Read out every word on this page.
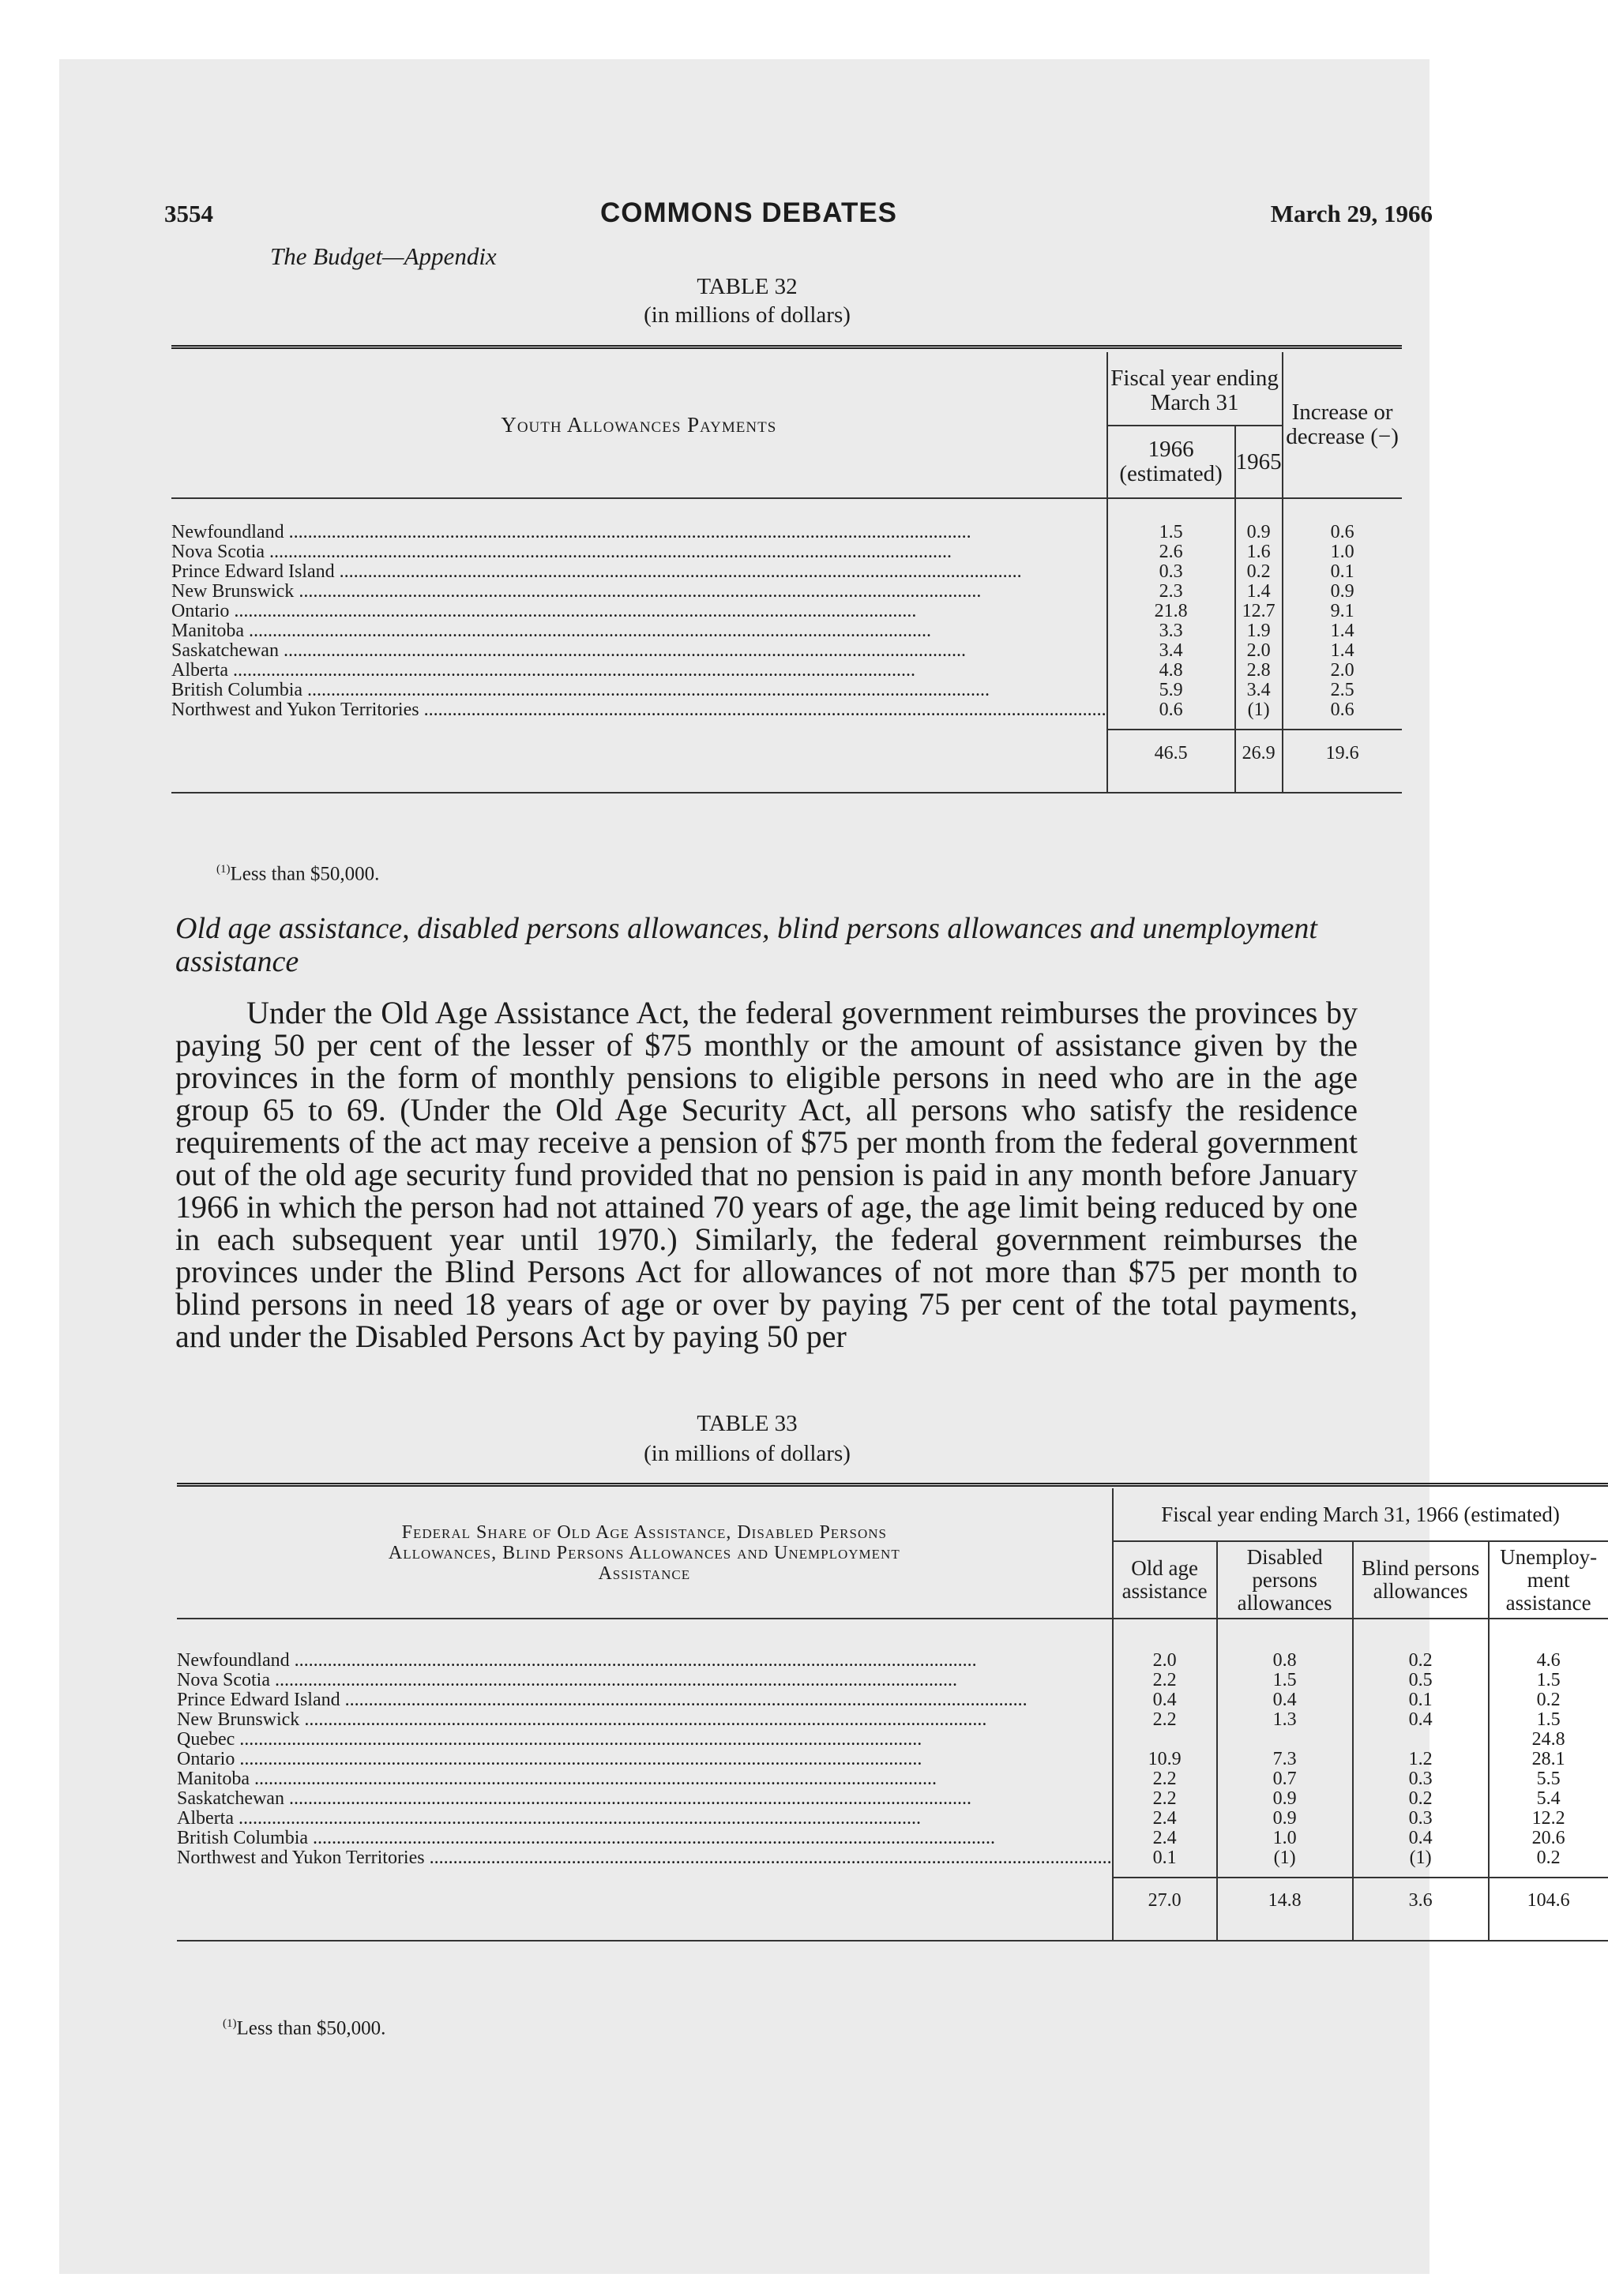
3554	COMMONS DEBATES	March 29, 1966
The Budget—Appendix
TABLE 32
(in millions of dollars)

Youth Allowances Payments	Fiscal year ending March 31		Increase or decrease (−)

	1966 (estimated)	1965	

Newfoundland .....	1.5	0.9	0.6
Nova Scotia .....	2.6	1.6	1.0
Prince Edward Island .....	0.3	0.2	0.1
New Brunswick .....	2.3	1.4	0.9
Ontario .....	21.8	12.7	9.1
Manitoba .....	3.3	1.9	1.4
Saskatchewan .....	3.4	2.0	1.4
Alberta .....	4.8	2.8	2.0
British Columbia .....	5.9	3.4	2.5
Northwest and Yukon Territories .....	0.6	(1)	0.6

	46.5	26.9	19.6

$^{(1)}$Less than $50,000.
Old age assistance, disabled persons allowances, blind persons allowances and unemployment assistance

Under the Old Age Assistance Act, the federal government reimburses the provinces by paying 50 per cent of the lesser of $75 monthly or the amount of assistance given by the provinces in the form of monthly pensions to eligible persons in need who are in the age group 65 to 69. (Under the Old Age Security Act, all persons who satisfy the residence requirements of the act may receive a pension of $75 per month from the federal government out of the old age security fund provided that no pension is paid in any month before January 1966 in which the person had not attained 70 years of age, the age limit being reduced by one in each subsequent year until 1970.) Similarly, the federal government reimburses the provinces under the Blind Persons Act for allowances of not more than $75 per month to blind persons in need 18 years of age or over by paying 75 per cent of the total payments, and under the Disabled Persons Act by paying 50 per

TABLE 33
(in millions of dollars)

Federal Share of Old Age Assistance, Disabled Persons Allowances, Blind Persons Allowances and Unemployment Assistance	Fiscal year ending March 31, 1966 (estimated)			

	Old age assistance	Disabled persons allowances	Blind persons allowances	Unemploy- ment assistance

Newfoundland .....	2.0	0.8	0.2	4.6
Nova Scotia .....	2.2	1.5	0.5	1.5
Prince Edward Island .....	0.4	0.4	0.1	0.2
New Brunswick .....	2.2	1.3	0.4	1.5
Quebec .....				24.8
Ontario .....	10.9	7.3	1.2	28.1
Manitoba .....	2.2	0.7	0.3	5.5
Saskatchewan .....	2.2	0.9	0.2	5.4
Alberta .....	2.4	0.9	0.3	12.2
British Columbia .....	2.4	1.0	0.4	20.6
Northwest and Yukon Territories .....	0.1	(1)	(1)	0.2

	27.0	14.8	3.6	104.6

$^{(1)}$Less than $50,000.
